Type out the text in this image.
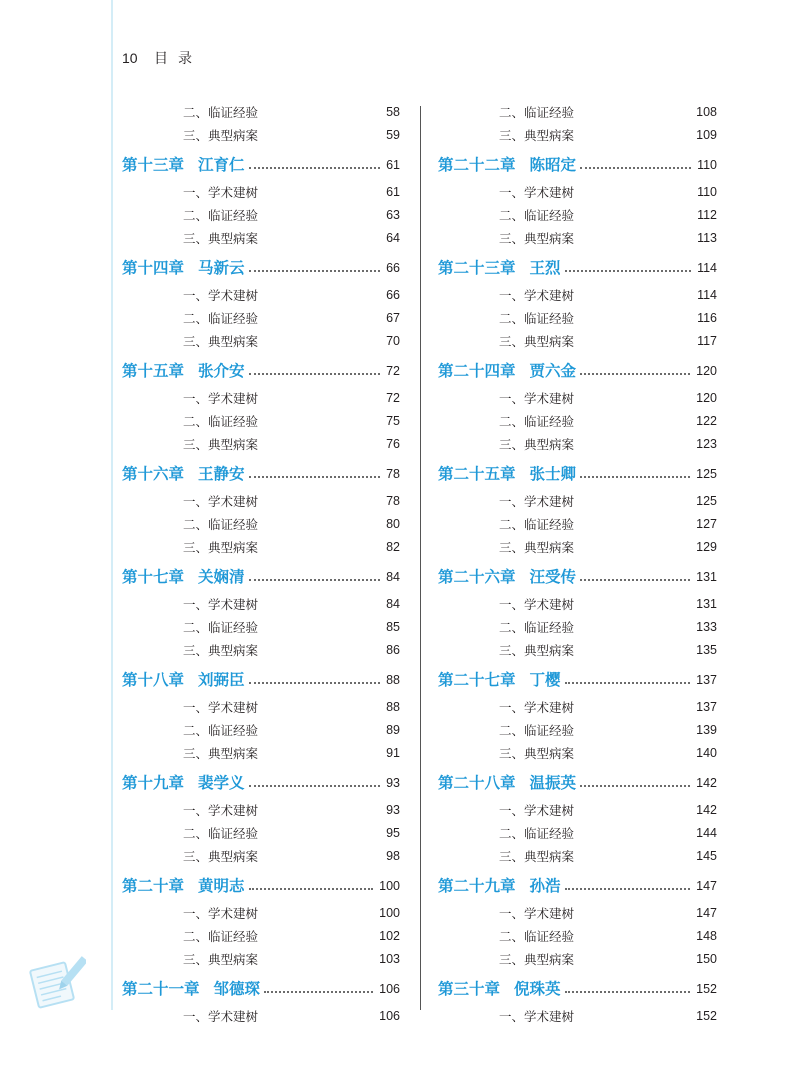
10 目录
二、临证经验	58
三、典型病案	59
第十三章 江育仁	61
一、学术建树	61
二、临证经验	63
三、典型病案	64
第十四章 马新云	66
一、学术建树	66
二、临证经验	67
三、典型病案	70
第十五章 张介安	72
一、学术建树	72
二、临证经验	75
三、典型病案	76
第十六章 王静安	78
一、学术建树	78
二、临证经验	80
三、典型病案	82
第十七章 关娴清	84
一、学术建树	84
二、临证经验	85
三、典型病案	86
第十八章 刘弼臣	88
一、学术建树	88
二、临证经验	89
三、典型病案	91
第十九章 裴学义	93
一、学术建树	93
二、临证经验	95
三、典型病案	98
第二十章 黄明志	100
一、学术建树	100
二、临证经验	102
三、典型病案	103
第二十一章 邹德琛	106
一、学术建树	106
二、临证经验	108
三、典型病案	109
第二十二章 陈昭定	110
一、学术建树	110
二、临证经验	112
三、典型病案	113
第二十三章 王烈	114
一、学术建树	114
二、临证经验	116
三、典型病案	117
第二十四章 贾六金	120
一、学术建树	120
二、临证经验	122
三、典型病案	123
第二十五章 张士卿	125
一、学术建树	125
二、临证经验	127
三、典型病案	129
第二十六章 汪受传	131
一、学术建树	131
二、临证经验	133
三、典型病案	135
第二十七章 丁樱	137
一、学术建树	137
二、临证经验	139
三、典型病案	140
第二十八章 温振英	142
一、学术建树	142
二、临证经验	144
三、典型病案	145
第二十九章 孙浩	147
一、学术建树	147
二、临证经验	148
三、典型病案	150
第三十章 倪珠英	152
一、学术建树	152
